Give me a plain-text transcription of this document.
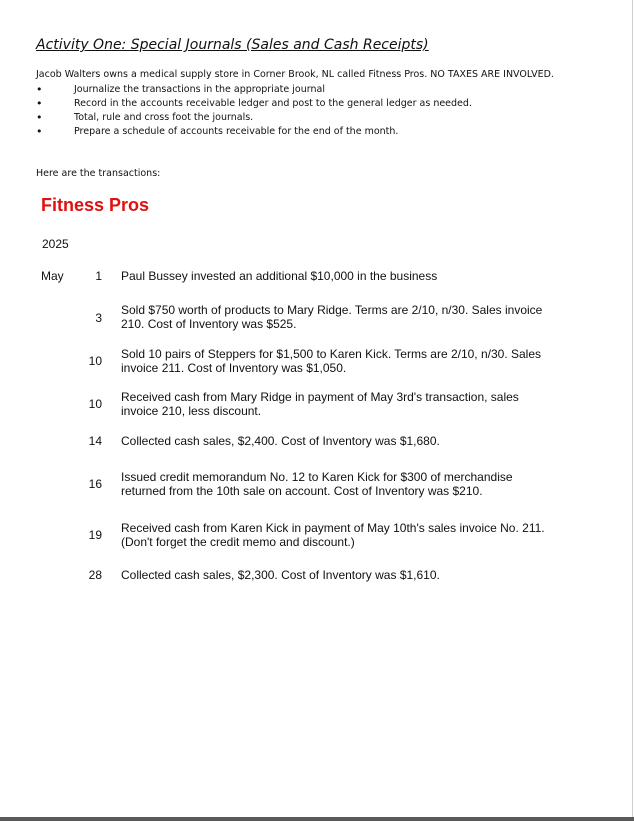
Activity One: Special Journals (Sales and Cash Receipts)
Jacob Walters owns a medical supply store in Corner Brook, NL called Fitness Pros. NO TAXES ARE INVOLVED.
•	Journalize the transactions in the appropriate journal
•	Record in the accounts receivable ledger and post to the general ledger as needed.
•	Total, rule and cross foot the journals.
•	Prepare a schedule of accounts receivable for the end of the month.
Here are the transactions:
Fitness Pros
2025
May	1 Paul Bussey invested an additional $10,000 in the business
3
Sold $750 worth of products to Mary Ridge. Terms are 2/10, n/30. Sales invoice 210. Cost of Inventory was $525.
10 Sold 10 pairs of Steppers for $1,500 to Karen Kick. Terms are 2/10, n/30. Sales invoice 211. Cost of Inventory was $1,050.
10 Received cash from Mary Ridge in payment of May 3rd's transaction, sales invoice 210, less discount.
14 Collected cash sales, $2,400. Cost of Inventory was $1,680.
16 Issued credit memorandum No. 12 to Karen Kick for $300 of merchandise returned from the 10th sale on account. Cost of Inventory was $210.
19 Received cash from Karen Kick in payment of May 10th's sales invoice No. 211. (Don't forget the credit memo and discount.)
28 Collected cash sales, $2,300. Cost of Inventory was $1,610.
